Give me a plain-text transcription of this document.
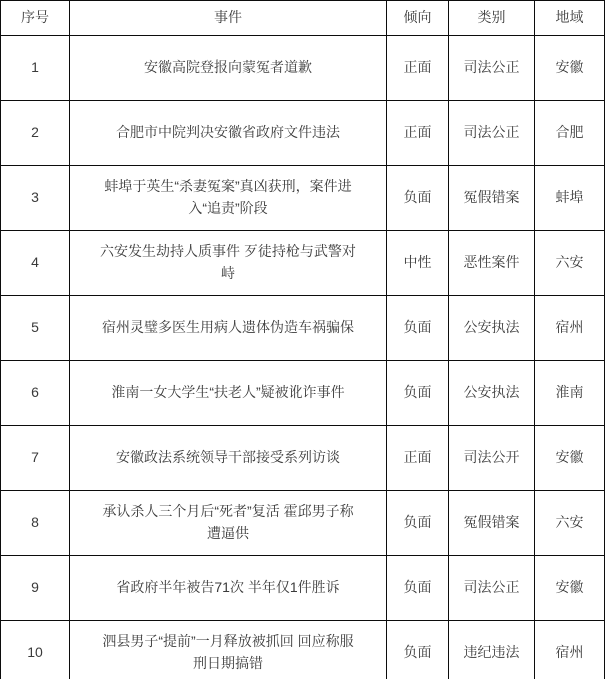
序号	事件	倾向	类别	地域
1	安徽高院登报向蒙冤者道歉	正面	司法公正	安徽
2	合肥市中院判决安徽省政府文件违法	正面	司法公正	合肥
3	蚌埠于英生“杀妻冤案”真凶获刑，案件进入“追责”阶段	负面	冤假错案	蚌埠
4	六安发生劫持人质事件 歹徒持枪与武警对峙	中性	恶性案件	六安
5	宿州灵璧多医生用病人遗体伪造车祸骗保	负面	公安执法	宿州
6	淮南一女大学生“扶老人”疑被讹诈事件	负面	公安执法	淮南
7	安徽政法系统领导干部接受系列访谈	正面	司法公开	安徽
8	承认杀人三个月后“死者”复活 霍邱男子称遭逼供	负面	冤假错案	六安
9	省政府半年被告71次 半年仅1件胜诉	负面	司法公正	安徽
10	泗县男子“提前”一月释放被抓回 回应称服刑日期搞错	负面	违纪违法	宿州
